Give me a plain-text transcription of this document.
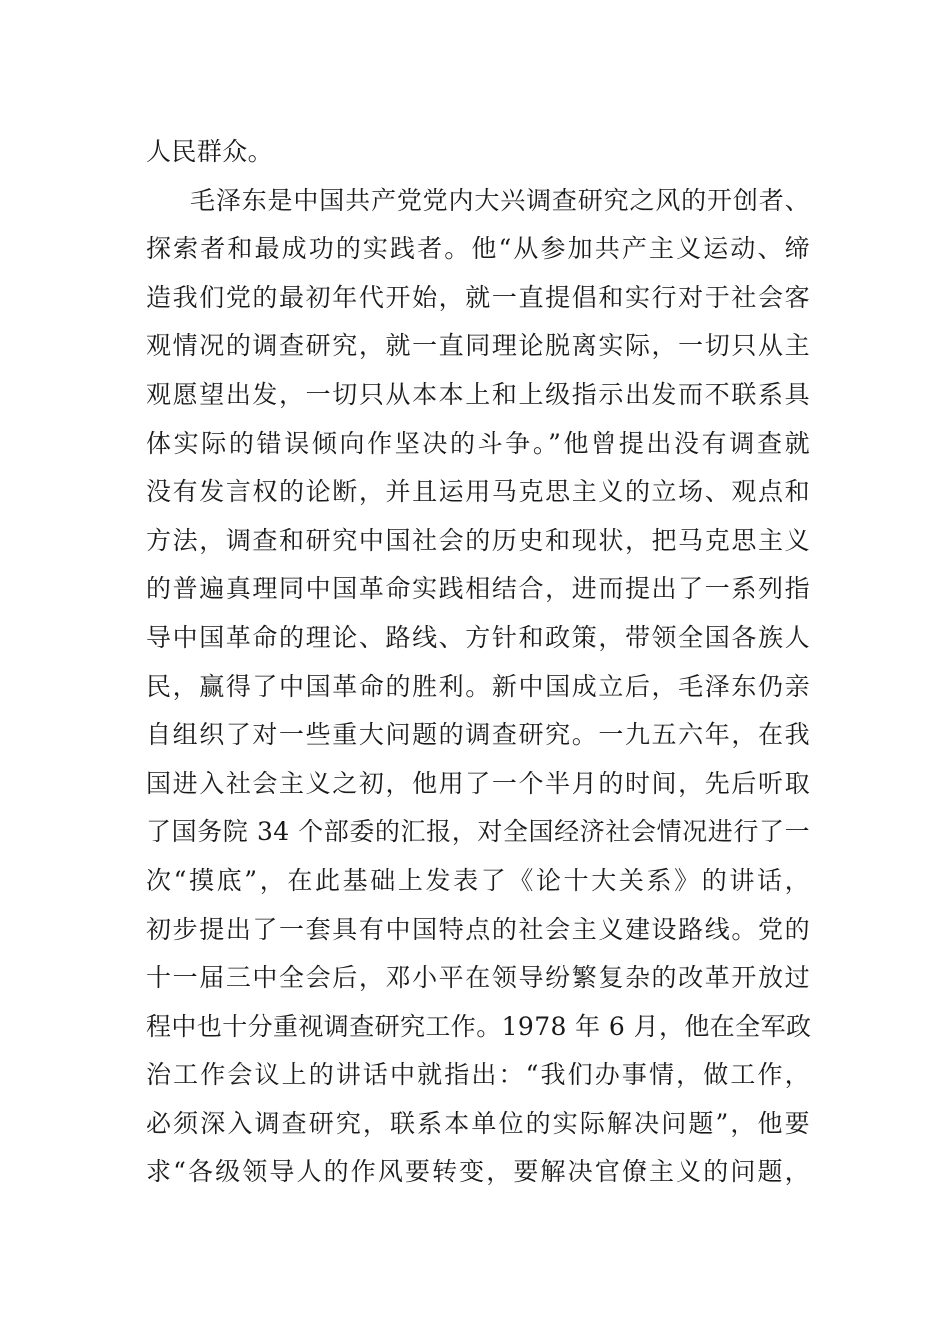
人民群众。
毛泽东是中国共产党党内大兴调查研究之风的开创者、
探索者和最成功的实践者。他“从参加共产主义运动、缔
造我们党的最初年代开始，就一直提倡和实行对于社会客
观情况的调查研究，就一直同理论脱离实际，一切只从主
观愿望出发，一切只从本本上和上级指示出发而不联系具
体实际的错误倾向作坚决的斗争。”他曾提出没有调查就
没有发言权的论断，并且运用马克思主义的立场、观点和
方法，调查和研究中国社会的历史和现状，把马克思主义
的普遍真理同中国革命实践相结合，进而提出了一系列指
导中国革命的理论、路线、方针和政策，带领全国各族人
民，赢得了中国革命的胜利。新中国成立后，毛泽东仍亲
自组织了对一些重大问题的调查研究。一九五六年，在我
国进入社会主义之初，他用了一个半月的时间，先后听取
了国务院 34 个部委的汇报，对全国经济社会情况进行了一
次“摸底”，在此基础上发表了《论十大关系》的讲话，
初步提出了一套具有中国特点的社会主义建设路线。党的
十一届三中全会后，邓小平在领导纷繁复杂的改革开放过
程中也十分重视调查研究工作。1978 年 6 月，他在全军政
治工作会议上的讲话中就指出：“我们办事情，做工作，
必须深入调查研究，联系本单位的实际解决问题”，他要
求“各级领导人的作风要转变，要解决官僚主义的问题，
